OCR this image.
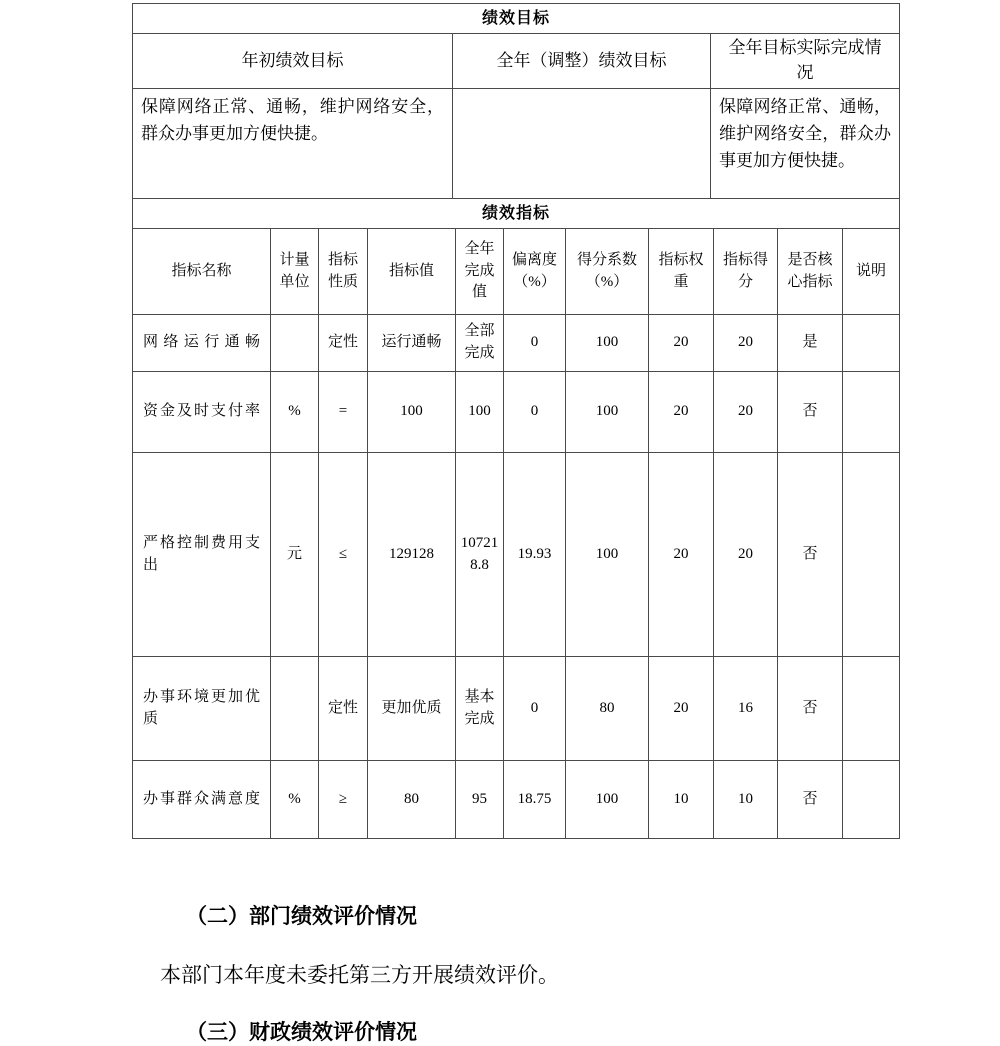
绩效目标		
年初绩效目标	全年（调整）绩效目标	全年目标实际完成情况
保障网络正常、通畅，维护网络安全，群众办事更加方便快捷。		保障网络正常、通畅，维护网络安全，群众办事更加方便快捷。
绩效指标										
指标名称	计量单位	指标性质	指标值	全年完成值	偏离度（%）	得分系数（%）	指标权重	指标得分	是否核心指标	说明
网络运行通畅		定性	运行通畅	全部完成	0	100	20	20	是	
资金及时支付率	%	=	100	100	0	100	20	20	否	
严格控制费用支出	元	≤	129128	107218.8	19.93	100	20	20	否	
办事环境更加优质		定性	更加优质	基本完成	0	80	20	16	否	
办事群众满意度	%	≥	80	95	18.75	100	10	10	否	

（二）部门绩效评价情况

本部门本年度未委托第三方开展绩效评价。

（三）财政绩效评价情况
